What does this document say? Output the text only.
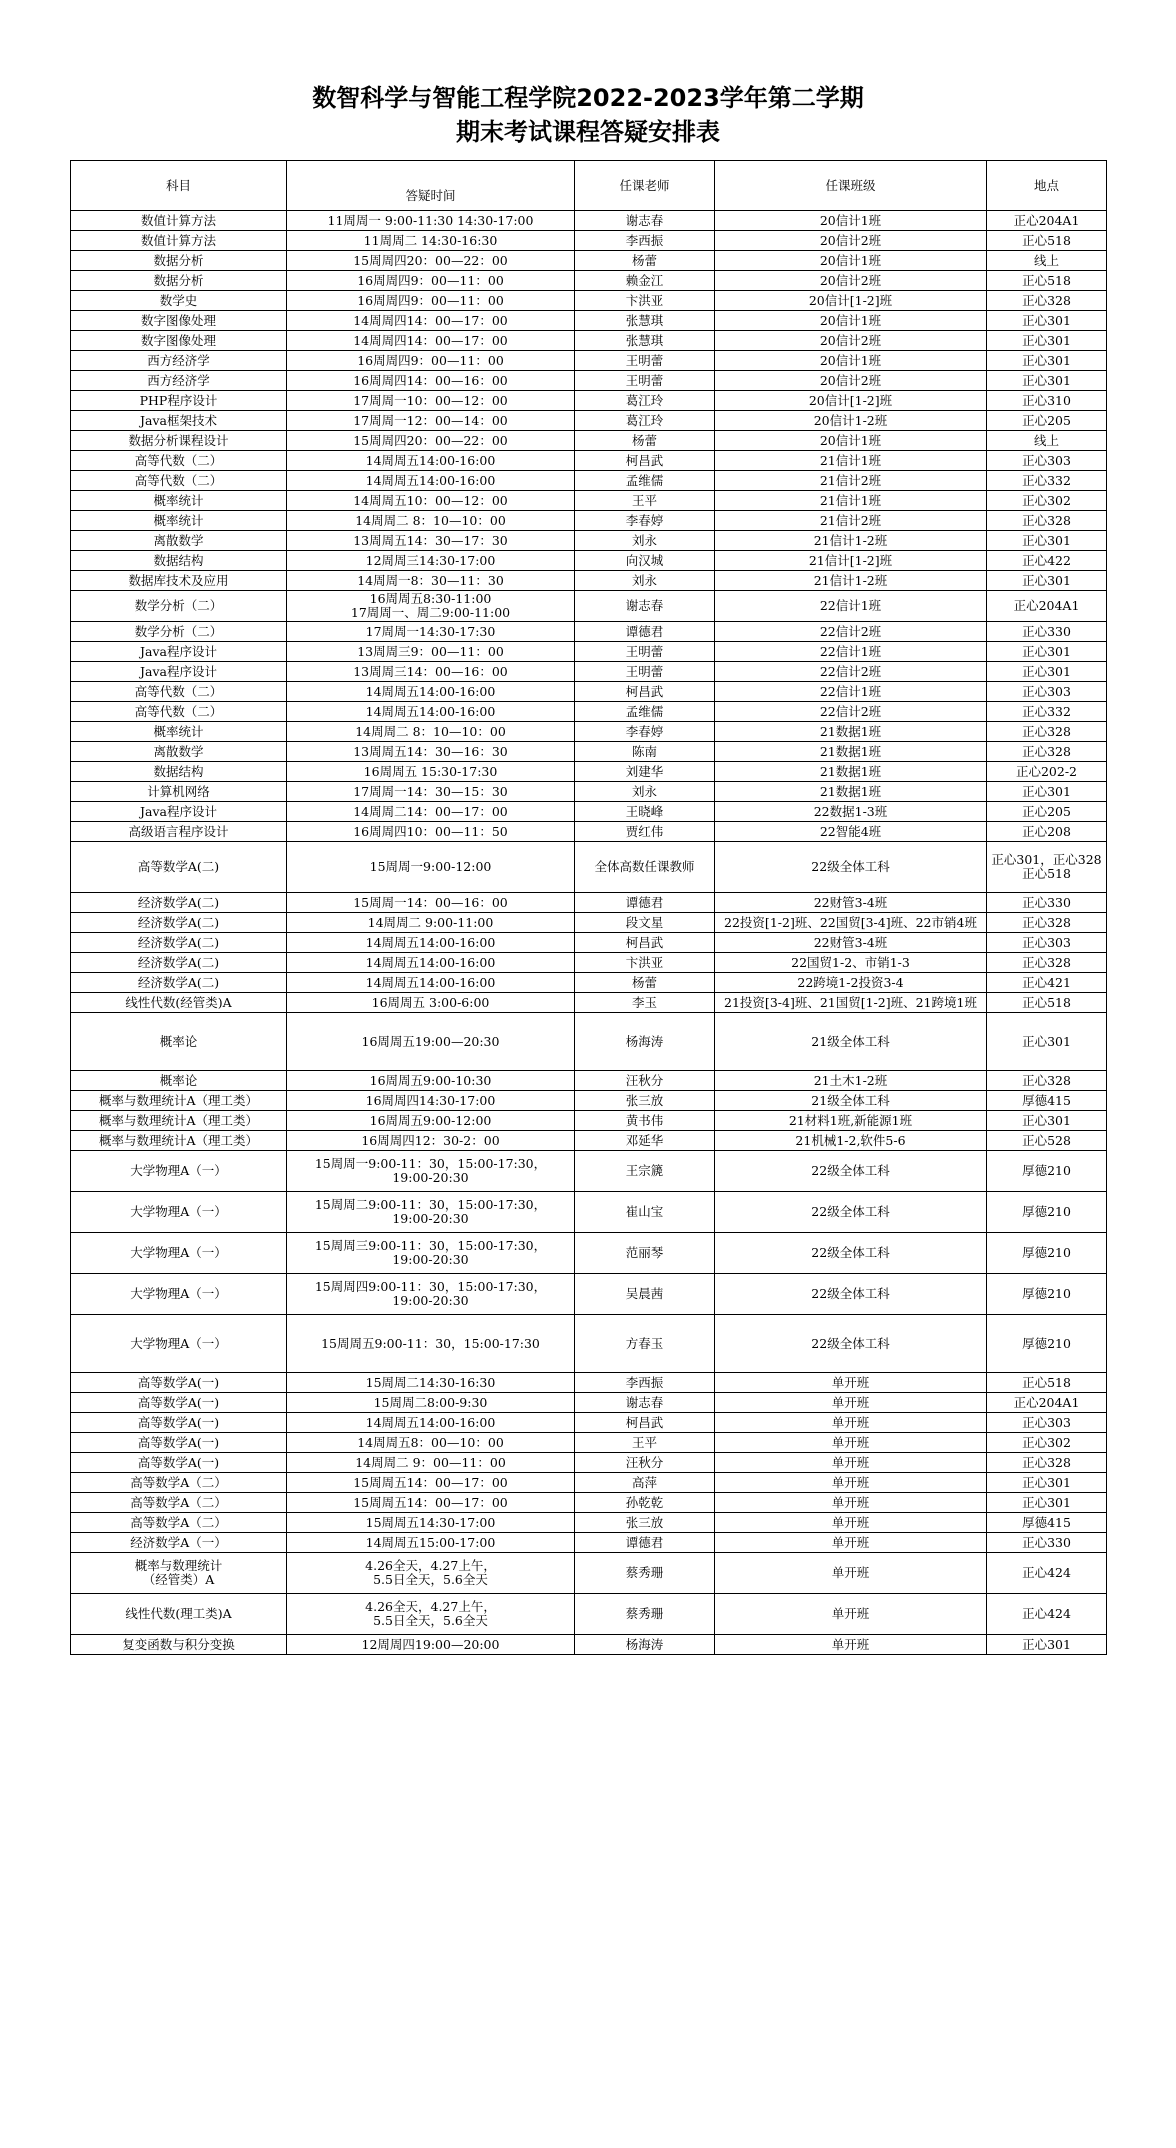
数智科学与智能工程学院2022-2023学年第二学期
期末考试课程答疑安排表
科目	答疑时间	任课老师	任课班级	地点
数值计算方法	11周周一 9:00-11:30 14:30-17:00	谢志春	20信计1班	正心204A1
数值计算方法	11周周二 14:30-16:30	李西振	20信计2班	正心518
数据分析	15周周四20：00—22：00	杨蕾	20信计1班	线上
数据分析	16周周四9：00—11：00	赖金江	20信计2班	正心518
数学史	16周周四9：00—11：00	卞洪亚	20信计[1-2]班	正心328
数字图像处理	14周周四14：00—17：00	张慧琪	20信计1班	正心301
数字图像处理	14周周四14：00—17：00	张慧琪	20信计2班	正心301
西方经济学	16周周四9：00—11：00	王明蕾	20信计1班	正心301
西方经济学	16周周四14：00—16：00	王明蕾	20信计2班	正心301
PHP程序设计	17周周一10：00—12：00	葛江玲	20信计[1-2]班	正心310
Java框架技术	17周周一12：00—14：00	葛江玲	20信计1-2班	正心205
数据分析课程设计	15周周四20：00—22：00	杨蕾	20信计1班	线上
高等代数（二）	14周周五14:00-16:00	柯昌武	21信计1班	正心303
高等代数（二）	14周周五14:00-16:00	孟维儒	21信计2班	正心332
概率统计	14周周五10：00—12：00	王平	21信计1班	正心302
概率统计	14周周二 8：10—10：00	李春婷	21信计2班	正心328
离散数学	13周周五14：30—17：30	刘永	21信计1-2班	正心301
数据结构	12周周三14:30-17:00	向汉城	21信计[1-2]班	正心422
数据库技术及应用	14周周一8：30—11：30	刘永	21信计1-2班	正心301
数学分析（二）	16周周五8:30-11:00
17周周一、周二9:00-11:00	谢志春	22信计1班	正心204A1
数学分析（二）	17周周一14:30-17:30	谭德君	22信计2班	正心330
Java程序设计	13周周三9：00—11：00	王明蕾	22信计1班	正心301
Java程序设计	13周周三14：00—16：00	王明蕾	22信计2班	正心301
高等代数（二）	14周周五14:00-16:00	柯昌武	22信计1班	正心303
高等代数（二）	14周周五14:00-16:00	孟维儒	22信计2班	正心332
概率统计	14周周二 8：10—10：00	李春婷	21数据1班	正心328
离散数学	13周周五14：30—16：30	陈南	21数据1班	正心328
数据结构	16周周五 15:30-17:30	刘建华	21数据1班	正心202-2
计算机网络	17周周一14：30—15：30	刘永	21数据1班	正心301
Java程序设计	14周周二14：00—17：00	王晓峰	22数据1-3班	正心205
高级语言程序设计	16周周四10：00—11：50	贾红伟	22智能4班	正心208
高等数学A(二)	15周周一9:00-12:00	全体高数任课教师	22级全体工科	正心301，正心328
正心518
经济数学A(二)	15周周一14：00—16：00	谭德君	22财管3-4班	正心330
经济数学A(二)	14周周二 9:00-11:00	段文星	22投资[1-2]班、22国贸[3-4]班、22市销4班	正心328
经济数学A(二)	14周周五14:00-16:00	柯昌武	22财管3-4班	正心303
经济数学A(二)	14周周五14:00-16:00	卞洪亚	22国贸1-2、市销1-3	正心328
经济数学A(二)	14周周五14:00-16:00	杨蕾	22跨境1-2投资3-4	正心421
线性代数(经管类)A	16周周五 3:00-6:00	李玉	21投资[3-4]班、21国贸[1-2]班、21跨境1班	正心518
概率论	16周周五19:00—20:30	杨海涛	21级全体工科	正心301
概率论	16周周五9:00-10:30	汪秋分	21土木1-2班	正心328
概率与数理统计A（理工类）	16周周四14:30-17:00	张三放	21级全体工科	厚德415
概率与数理统计A（理工类）	16周周五9:00-12:00	黄书伟	21材料1班,新能源1班	正心301
概率与数理统计A（理工类）	16周周四12：30-2：00	邓延华	21机械1-2,软件5-6	正心528
大学物理A（一）	15周周一9:00-11：30，15:00-17:30，
19:00-20:30	王宗篪	22级全体工科	厚德210
大学物理A（一）	15周周二9:00-11：30，15:00-17:30，
19:00-20:30	崔山宝	22级全体工科	厚德210
大学物理A（一）	15周周三9:00-11：30，15:00-17:30，
19:00-20:30	范丽琴	22级全体工科	厚德210
大学物理A（一）	15周周四9:00-11：30，15:00-17:30，
19:00-20:30	吴晨茜	22级全体工科	厚德210
大学物理A（一）	15周周五9:00-11：30，15:00-17:30	方春玉	22级全体工科	厚德210
高等数学A(一)	15周周二14:30-16:30	李西振	单开班	正心518
高等数学A(一)	15周周二8:00-9:30	谢志春	单开班	正心204A1
高等数学A(一)	14周周五14:00-16:00	柯昌武	单开班	正心303
高等数学A(一)	14周周五8：00—10：00	王平	单开班	正心302
高等数学A(一)	14周周二 9：00—11：00	汪秋分	单开班	正心328
高等数学A（二）	15周周五14：00—17：00	高萍	单开班	正心301
高等数学A（二）	15周周五14：00—17：00	孙乾乾	单开班	正心301
高等数学A（二）	15周周五14:30-17:00	张三放	单开班	厚德415
经济数学A（一）	14周周五15:00-17:00	谭德君	单开班	正心330
概率与数理统计
（经管类）A	4.26全天，4.27上午，
5.5日全天，5.6全天	蔡秀珊	单开班	正心424
线性代数(理工类)A	4.26全天，4.27上午，
5.5日全天，5.6全天	蔡秀珊	单开班	正心424
复变函数与积分变换	12周周四19:00—20:00	杨海涛	单开班	正心301
